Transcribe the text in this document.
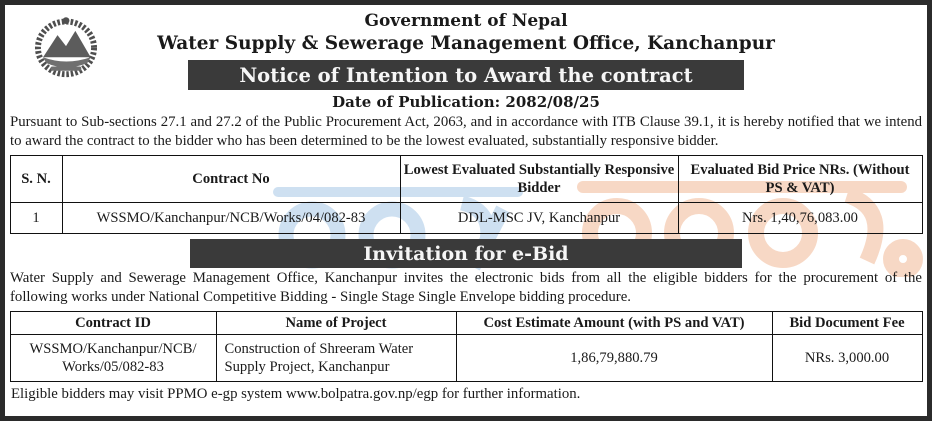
Government of Nepal
Water Supply & Sewerage Management Office, Kanchanpur
Notice of Intention to Award the contract
Date of Publication: 2082/08/25

Pursuant to Sub-sections 27.1 and 27.2 of the Public Procurement Act, 2063, and in accordance with ITB Clause 39.1, it is hereby notified that we intend to award the contract to the bidder who has been determined to be the lowest evaluated, substantially responsive bidder.

S. N.	Contract No	Lowest Evaluated Substantially Responsive Bidder	Evaluated Bid Price NRs. (Without PS & VAT)
1	WSSMO/Kanchanpur/NCB/Works/04/082-83	DDL-MSC JV, Kanchanpur	Nrs. 1,40,76,083.00
Invitation for e-Bid

Water Supply and Sewerage Management Office, Kanchanpur invites the electronic bids from all the eligible bidders for the procurement of the following works under National Competitive Bidding - Single Stage Single Envelope bidding procedure.

Contract ID	Name of Project	Cost Estimate Amount (with PS and VAT)	Bid Document Fee
WSSMO/Kanchanpur/NCB/ Works/05/082-83	Construction of Shreeram Water Supply Project, Kanchanpur	1,86,79,880.79	NRs. 3,000.00
Eligible bidders may visit PPMO e-gp system www.bolpatra.gov.np/egp for further information.
